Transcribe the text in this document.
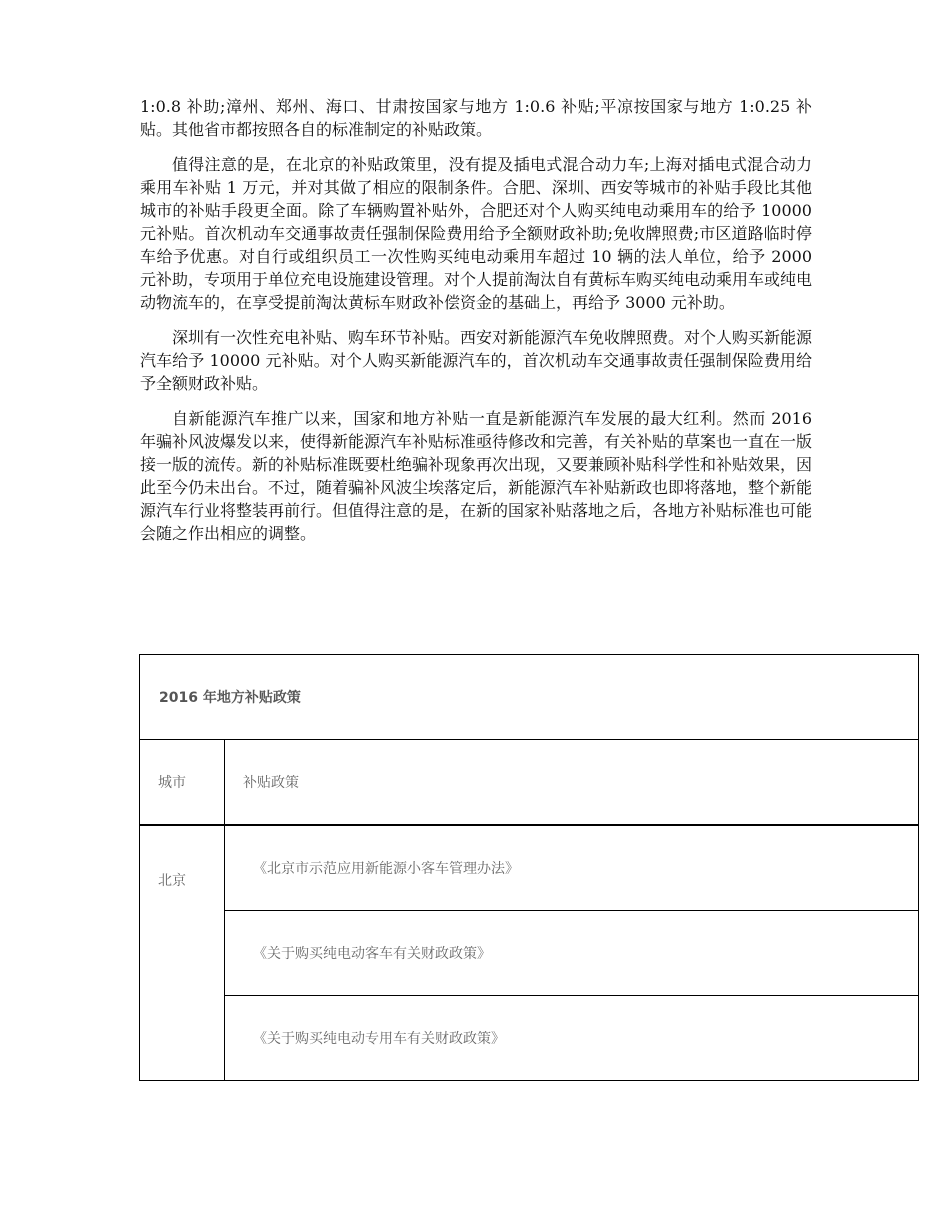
1:0.8 补助;漳州、郑州、海口、甘肃按国家与地方 1:0.6 补贴;平凉按国家与地方 1:0.25 补贴。其他省市都按照各自的标准制定的补贴政策。

值得注意的是，在北京的补贴政策里，没有提及插电式混合动力车;上海对插电式混合动力乘用车补贴 1 万元，并对其做了相应的限制条件。合肥、深圳、西安等城市的补贴手段比其他城市的补贴手段更全面。除了车辆购置补贴外，合肥还对个人购买纯电动乘用车的给予 10000 元补贴。首次机动车交通事故责任强制保险费用给予全额财政补助;免收牌照费;市区道路临时停车给予优惠。对自行或组织员工一次性购买纯电动乘用车超过 10 辆的法人单位，给予 2000 元补助，专项用于单位充电设施建设管理。对个人提前淘汰自有黄标车购买纯电动乘用车或纯电动物流车的，在享受提前淘汰黄标车财政补偿资金的基础上，再给予 3000 元补助。

深圳有一次性充电补贴、购车环节补贴。西安对新能源汽车免收牌照费。对个人购买新能源汽车给予 10000 元补贴。对个人购买新能源汽车的，首次机动车交通事故责任强制保险费用给予全额财政补贴。

自新能源汽车推广以来，国家和地方补贴一直是新能源汽车发展的最大红利。然而 2016 年骗补风波爆发以来，使得新能源汽车补贴标准亟待修改和完善，有关补贴的草案也一直在一版接一版的流传。新的补贴标准既要杜绝骗补现象再次出现，又要兼顾补贴科学性和补贴效果，因此至今仍未出台。不过，随着骗补风波尘埃落定后，新能源汽车补贴新政也即将落地，整个新能源汽车行业将整装再前行。但值得注意的是，在新的国家补贴落地之后，各地方补贴标准也可能会随之作出相应的调整。

2016 年地方补贴政策	
城市	补贴政策
北京	《北京市示范应用新能源小客车管理办法》
	《关于购买纯电动客车有关财政政策》
	《关于购买纯电动专用车有关财政政策》
